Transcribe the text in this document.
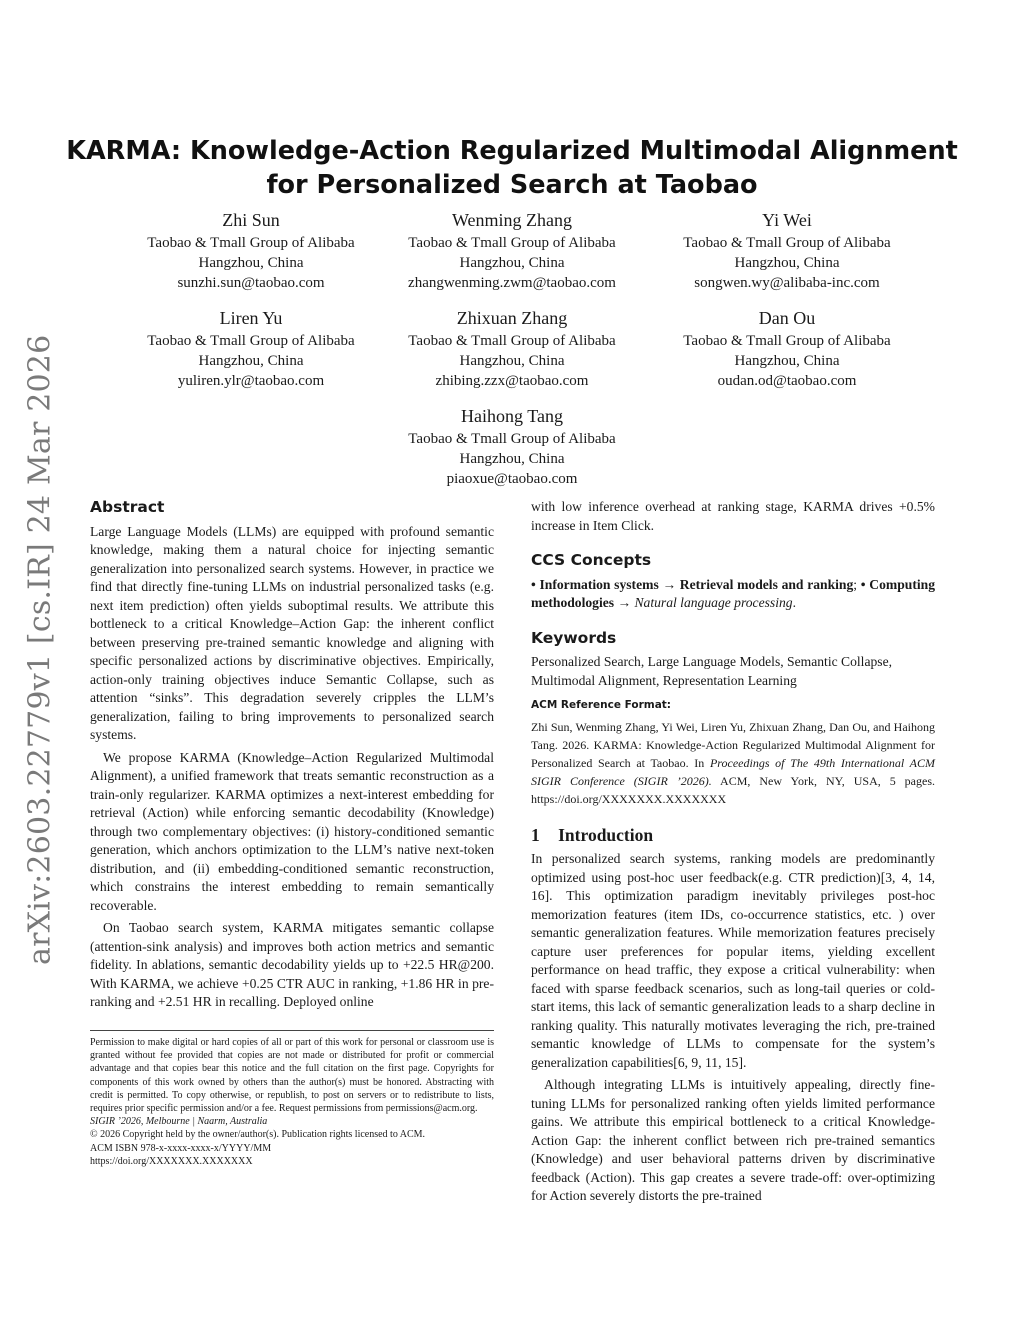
arXiv:2603.22779v1 [cs.IR] 24 Mar 2026
KARMA: Knowledge-Action Regularized Multimodal Alignment
for Personalized Search at Taobao
Zhi Sun
Taobao & Tmall Group of Alibaba
Hangzhou, China
sunzhi.sun@taobao.com
Wenming Zhang
Taobao & Tmall Group of Alibaba
Hangzhou, China
zhangwenming.zwm@taobao.com
Yi Wei
Taobao & Tmall Group of Alibaba
Hangzhou, China
songwen.wy@alibaba-inc.com
Liren Yu
Taobao & Tmall Group of Alibaba
Hangzhou, China
yuliren.ylr@taobao.com
Zhixuan Zhang
Taobao & Tmall Group of Alibaba
Hangzhou, China
zhibing.zzx@taobao.com
Dan Ou
Taobao & Tmall Group of Alibaba
Hangzhou, China
oudan.od@taobao.com
Haihong Tang
Taobao & Tmall Group of Alibaba
Hangzhou, China
piaoxue@taobao.com
Abstract

Large Language Models (LLMs) are equipped with profound semantic knowledge, making them a natural choice for injecting semantic generalization into personalized search systems. However, in practice we find that directly fine-tuning LLMs on industrial personalized tasks (e.g. next item prediction) often yields suboptimal results. We attribute this bottleneck to a critical Knowledge–Action Gap: the inherent conflict between preserving pre-trained semantic knowledge and aligning with specific personalized actions by discriminative objectives. Empirically, action-only training objectives induce Semantic Collapse, such as attention “sinks”. This degradation severely cripples the LLM’s generalization, failing to bring improvements to personalized search systems.

We propose KARMA (Knowledge–Action Regularized Multimodal Alignment), a unified framework that treats semantic reconstruction as a train-only regularizer. KARMA optimizes a next-interest embedding for retrieval (Action) while enforcing semantic decodability (Knowledge) through two complementary objectives: (i) history-conditioned semantic generation, which anchors optimization to the LLM’s native next-token distribution, and (ii) embedding-conditioned semantic reconstruction, which constrains the interest embedding to remain semantically recoverable.

On Taobao search system, KARMA mitigates semantic collapse (attention-sink analysis) and improves both action metrics and semantic fidelity. In ablations, semantic decodability yields up to +22.5 HR@200. With KARMA, we achieve +0.25 CTR AUC in ranking, +1.86 HR in pre-ranking and +2.51 HR in recalling. Deployed online

Permission to make digital or hard copies of all or part of this work for personal or classroom use is granted without fee provided that copies are not made or distributed for profit or commercial advantage and that copies bear this notice and the full citation on the first page. Copyrights for components of this work owned by others than the author(s) must be honored. Abstracting with credit is permitted. To copy otherwise, or republish, to post on servers or to redistribute to lists, requires prior specific permission and/or a fee. Request permissions from permissions@acm.org.

SIGIR ’2026, Melbourne | Naarm, Australia

© 2026 Copyright held by the owner/author(s). Publication rights licensed to ACM.

ACM ISBN 978-x-xxxx-xxxx-x/YYYY/MM

https://doi.org/XXXXXXX.XXXXXXX

with low inference overhead at ranking stage, KARMA drives +0.5% increase in Item Click.

CCS Concepts

• Information systems → Retrieval models and ranking; • Computing methodologies → Natural language processing.

Keywords

Personalized Search, Large Language Models, Semantic Collapse, Multimodal Alignment, Representation Learning

ACM Reference Format:

Zhi Sun, Wenming Zhang, Yi Wei, Liren Yu, Zhixuan Zhang, Dan Ou, and Haihong Tang. 2026. KARMA: Knowledge-Action Regularized Multimodal Alignment for Personalized Search at Taobao. In Proceedings of The 49th International ACM SIGIR Conference (SIGIR ’2026). ACM, New York, NY, USA, 5 pages. https://doi.org/XXXXXXX.XXXXXXX

1 Introduction

In personalized search systems, ranking models are predominantly optimized using post-hoc user feedback(e.g. CTR prediction)[3, 4, 14, 16]. This optimization paradigm inevitably privileges post-hoc memorization features (item IDs, co-occurrence statistics, etc. ) over semantic generalization features. While memorization features precisely capture user preferences for popular items, yielding excellent performance on head traffic, they expose a critical vulnerability: when faced with sparse feedback scenarios, such as long-tail queries or cold-start items, this lack of semantic generalization leads to a sharp decline in ranking quality. This naturally motivates leveraging the rich, pre-trained semantic knowledge of LLMs to compensate for the system’s generalization capabilities[6, 9, 11, 15].

Although integrating LLMs is intuitively appealing, directly fine-tuning LLMs for personalized ranking often yields limited performance gains. We attribute this empirical bottleneck to a critical Knowledge-Action Gap: the inherent conflict between rich pre-trained semantics (Knowledge) and user behavioral patterns driven by discriminative feedback (Action). This gap creates a severe trade-off: over-optimizing for Action severely distorts the pre-trained
